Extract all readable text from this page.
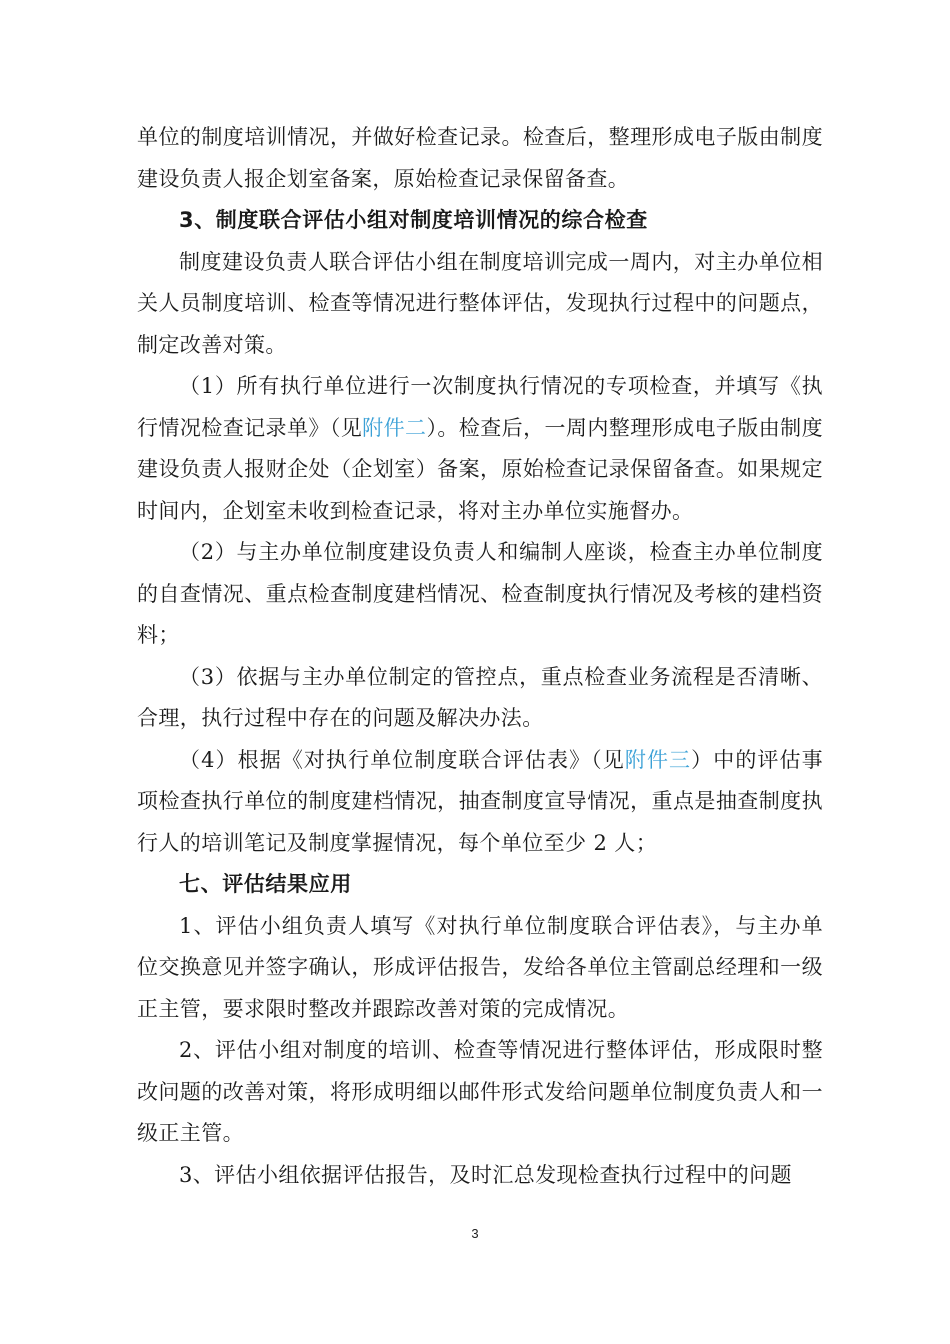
单位的制度培训情况，并做好检查记录。检查后，整理形成电子版由制度建设负责人报企划室备案，原始检查记录保留备查。

3、制度联合评估小组对制度培训情况的综合检查

制度建设负责人联合评估小组在制度培训完成一周内，对主办单位相关人员制度培训、检查等情况进行整体评估，发现执行过程中的问题点，制定改善对策。

（1）所有执行单位进行一次制度执行情况的专项检查，并填写《执行情况检查记录单》（见附件二）。检查后，一周内整理形成电子版由制度建设负责人报财企处（企划室）备案，原始检查记录保留备查。如果规定时间内，企划室未收到检查记录，将对主办单位实施督办。

（2）与主办单位制度建设负责人和编制人座谈，检查主办单位制度的自查情况、重点检查制度建档情况、检查制度执行情况及考核的建档资料；

（3）依据与主办单位制定的管控点，重点检查业务流程是否清晰、合理，执行过程中存在的问题及解决办法。

（4）根据《对执行单位制度联合评估表》（见附件三）中的评估事项检查执行单位的制度建档情况，抽查制度宣导情况，重点是抽查制度执行人的培训笔记及制度掌握情况，每个单位至少 2 人；

七、评估结果应用

1、评估小组负责人填写《对执行单位制度联合评估表》，与主办单位交换意见并签字确认，形成评估报告，发给各单位主管副总经理和一级正主管，要求限时整改并跟踪改善对策的完成情况。

2、评估小组对制度的培训、检查等情况进行整体评估，形成限时整改问题的改善对策，将形成明细以邮件形式发给问题单位制度负责人和一级正主管。

3、评估小组依据评估报告，及时汇总发现检查执行过程中的问题

3
